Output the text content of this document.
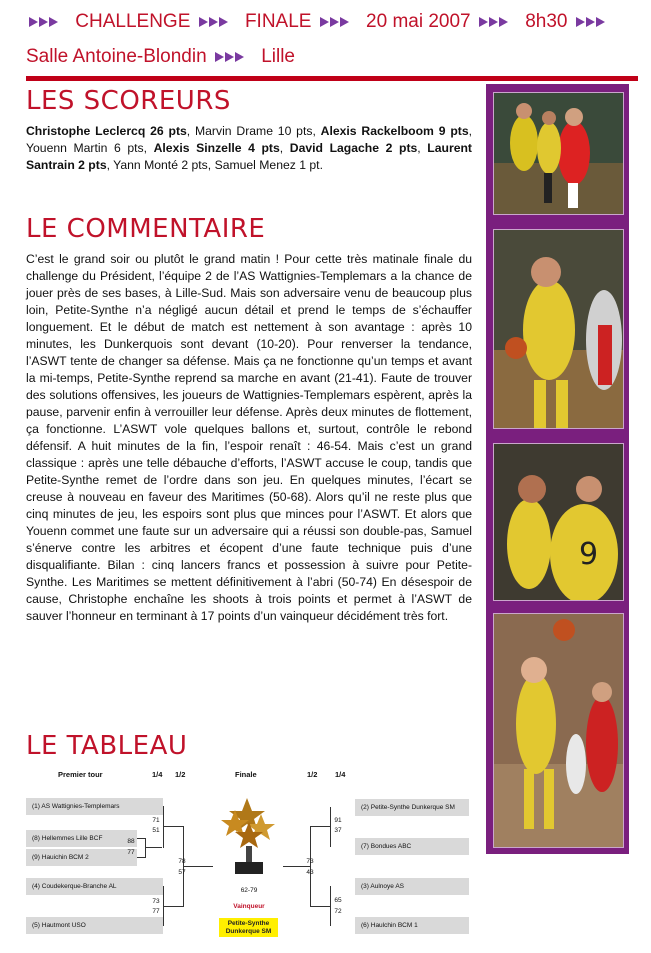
CHALLENGE	FINALE	20 mai 2007	8h30
Salle Antoine-Blondin	Lille
LES SCOREURS

Christophe Leclercq 26 pts, Marvin Drame 10 pts, Alexis Rackelboom 9 pts, Youenn Martin 6 pts, Alexis Sinzelle 4 pts, David Lagache 2 pts, Laurent Santrain 2 pts, Yann Monté 2 pts, Samuel Menez 1 pt.

LE COMMENTAIRE

C’est le grand soir ou plutôt le grand matin ! Pour cette très matinale finale du challenge du Président, l’équipe 2 de l’AS Wattignies-Templemars a la chance de jouer près de ses bases, à Lille-Sud. Mais son adversaire venu de beaucoup plus loin, Petite-Synthe n’a négligé aucun détail et prend le temps de s’échauffer longuement. Et le début de match est nettement à son avantage : après 10 minutes, les Dunkerquois sont devant (10-20). Pour renverser la tendance, l’ASWT tente de changer sa défense. Mais ça ne fonctionne qu’un temps et avant la mi-temps, Petite-Synthe reprend sa marche en avant (21-41). Faute de trouver des solutions offensives, les joueurs de Wattignies-Templemars espèrent, après la pause, parvenir enfin à verrouiller leur défense. Après deux minutes de flottement, ça fonctionne. L’ASWT vole quelques ballons et, surtout, contrôle le rebond défensif. A huit minutes de la fin, l’espoir renaît : 46-54. Mais c’est un grand classique : après une telle débauche d’efforts, l’ASWT accuse le coup, tandis que Petite-Synthe remet de l’ordre dans son jeu. En quelques minutes, l’écart se creuse à nouveau en faveur des Maritimes (50-68). Alors qu’il ne reste plus que cinq minutes de jeu, les espoirs sont plus que minces pour l’ASWT. Et alors que Youenn commet une faute sur un adversaire qui a réussi son double-pas, Samuel s’énerve contre les arbitres et écopent d’une faute technique puis d’une disqualifiante. Bilan : cinq lancers francs et possession à suivre pour Petite-Synthe. Les Maritimes se mettent définitivement à l’abri (50-74) En désespoir de cause, Christophe enchaîne les shoots à trois points et permet à l’ASWT de sauver l’honneur en terminant à 17 points d’un vainqueur décidément très fort.

9
LE TABLEAU
Premier tour	1/4 1/2	Finale	1/2 1/4
(1) AS Wattignies-Templemars
(8) Hellemmes Lille BCF
(9) Hauichin BCM 2
(4) Coudekerque-Branche AL
(5) Hautmont USO
(2) Petite-Synthe Dunkerque SM
(7) Bondues ABC
(3) Aulnoye AS
(6) Haulchin BCM 1
88
77
71
51
73
77
78
57
91
37
65
72
73
43
62-79
Vainqueur
Petite-Synthe
Dunkerque SM
